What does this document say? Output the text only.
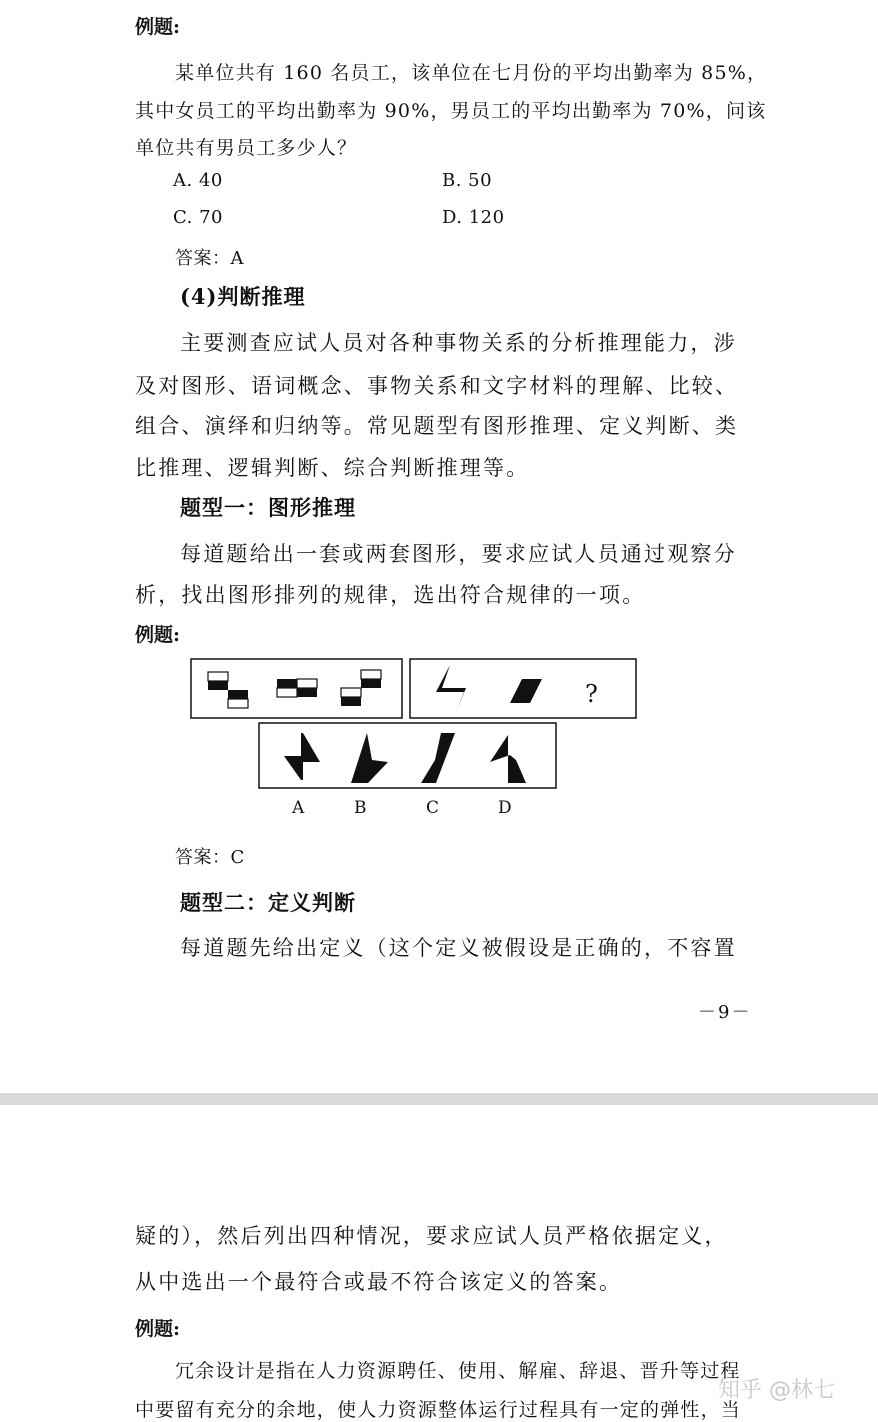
例题:
某单位共有 160 名员工，该单位在七月份的平均出勤率为 85%，
其中女员工的平均出勤率为 90%，男员工的平均出勤率为 70%，问该
单位共有男员工多少人？
A. 40	B. 50
C. 70	D. 120
答案：A
(4)判断推理
主要测查应试人员对各种事物关系的分析推理能力，涉
及对图形、语词概念、事物关系和文字材料的理解、比较、
组合、演绎和归纳等。常见题型有图形推理、定义判断、类
比推理、逻辑判断、综合判断推理等。
题型一：图形推理
每道题给出一套或两套图形，要求应试人员通过观察分
析，找出图形排列的规律，选出符合规律的一项。
例题:
?
A	B	C	D
答案：C
题型二：定义判断
每道题先给出定义（这个定义被假设是正确的，不容置
－9－
疑的），然后列出四种情况，要求应试人员严格依据定义，
从中选出一个最符合或最不符合该定义的答案。
例题:
冗余设计是指在人力资源聘任、使用、解雇、辞退、晋升等过程
中要留有充分的余地，使人力资源整体运行过程具有一定的弹性，当
知乎 @林七
